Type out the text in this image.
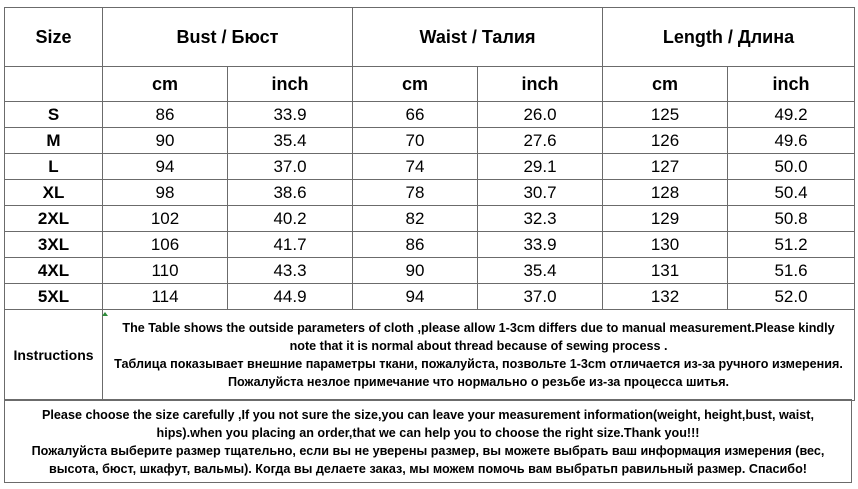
Size	Bust / Бюст		Waist / Талия		Length / Длина	
	cm	inch	cm	inch	cm	inch
S	86	33.9	66	26.0	125	49.2
M	90	35.4	70	27.6	126	49.6
L	94	37.0	74	29.1	127	50.0
XL	98	38.6	78	30.7	128	50.4
2XL	102	40.2	82	32.3	129	50.8
3XL	106	41.7	86	33.9	130	51.2
4XL	110	43.3	90	35.4	131	51.6
5XL	114	44.9	94	37.0	132	52.0
Instructions	The Table shows the outside parameters of cloth ,please allow 1-3cm differs due to manual measurement.Please kindly note that it is normal about thread because of sewing process .
Таблица показывает внешние параметры ткани, пожалуйста, позвольте 1-3cm отличается из-за ручного измерения. Пожалуйста незлое примечание что нормально о резьбе из-за процесса шитья.					
Please choose the size carefully ,If you not sure the size,you can leave your measurement information(weight, height,bust, waist, hips).when you placing an order,that we can help you to choose the right size.Thank you!!!
Пожалуйста выберите размер тщательно, если вы не уверены размер, вы можете выбрать ваш информация измерения (вес, высота, бюст, шкафут, вальмы). Когда вы делаете заказ, мы можем помочь вам выбратьп равильный размер. Спасибо!
